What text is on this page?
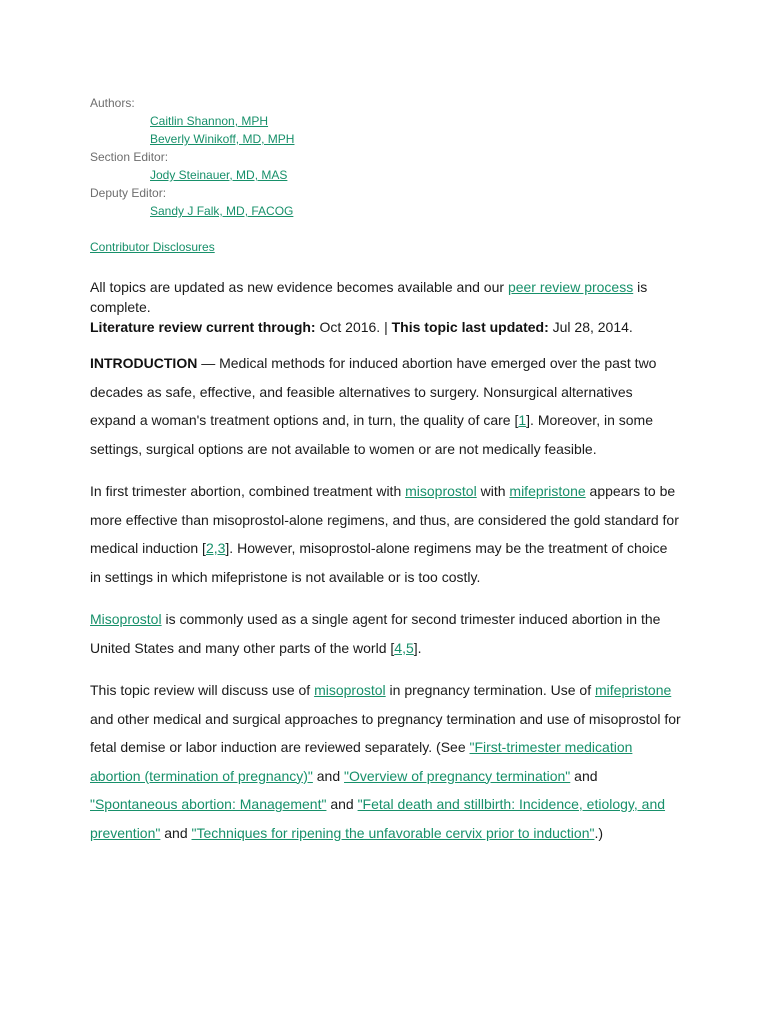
Authors:
Caitlin Shannon, MPH
Beverly Winikoff, MD, MPH
Section Editor:
Jody Steinauer, MD, MAS
Deputy Editor:
Sandy J Falk, MD, FACOG
Contributor Disclosures

All topics are updated as new evidence becomes available and our peer review process is complete.

Literature review current through: Oct 2016. | This topic last updated: Jul 28, 2014.

INTRODUCTION — Medical methods for induced abortion have emerged over the past two decades as safe, effective, and feasible alternatives to surgery. Nonsurgical alternatives expand a woman's treatment options and, in turn, the quality of care [1]. Moreover, in some settings, surgical options are not available to women or are not medically feasible.

In first trimester abortion, combined treatment with misoprostol with mifepristone appears to be more effective than misoprostol-alone regimens, and thus, are considered the gold standard for medical induction [2,3]. However, misoprostol-alone regimens may be the treatment of choice in settings in which mifepristone is not available or is too costly.

Misoprostol is commonly used as a single agent for second trimester induced abortion in the United States and many other parts of the world [4,5].

This topic review will discuss use of misoprostol in pregnancy termination. Use of mifepristone and other medical and surgical approaches to pregnancy termination and use of misoprostol for fetal demise or labor induction are reviewed separately. (See "First-trimester medication abortion (termination of pregnancy)" and "Overview of pregnancy termination" and "Spontaneous abortion: Management" and "Fetal death and stillbirth: Incidence, etiology, and prevention" and "Techniques for ripening the unfavorable cervix prior to induction".)
